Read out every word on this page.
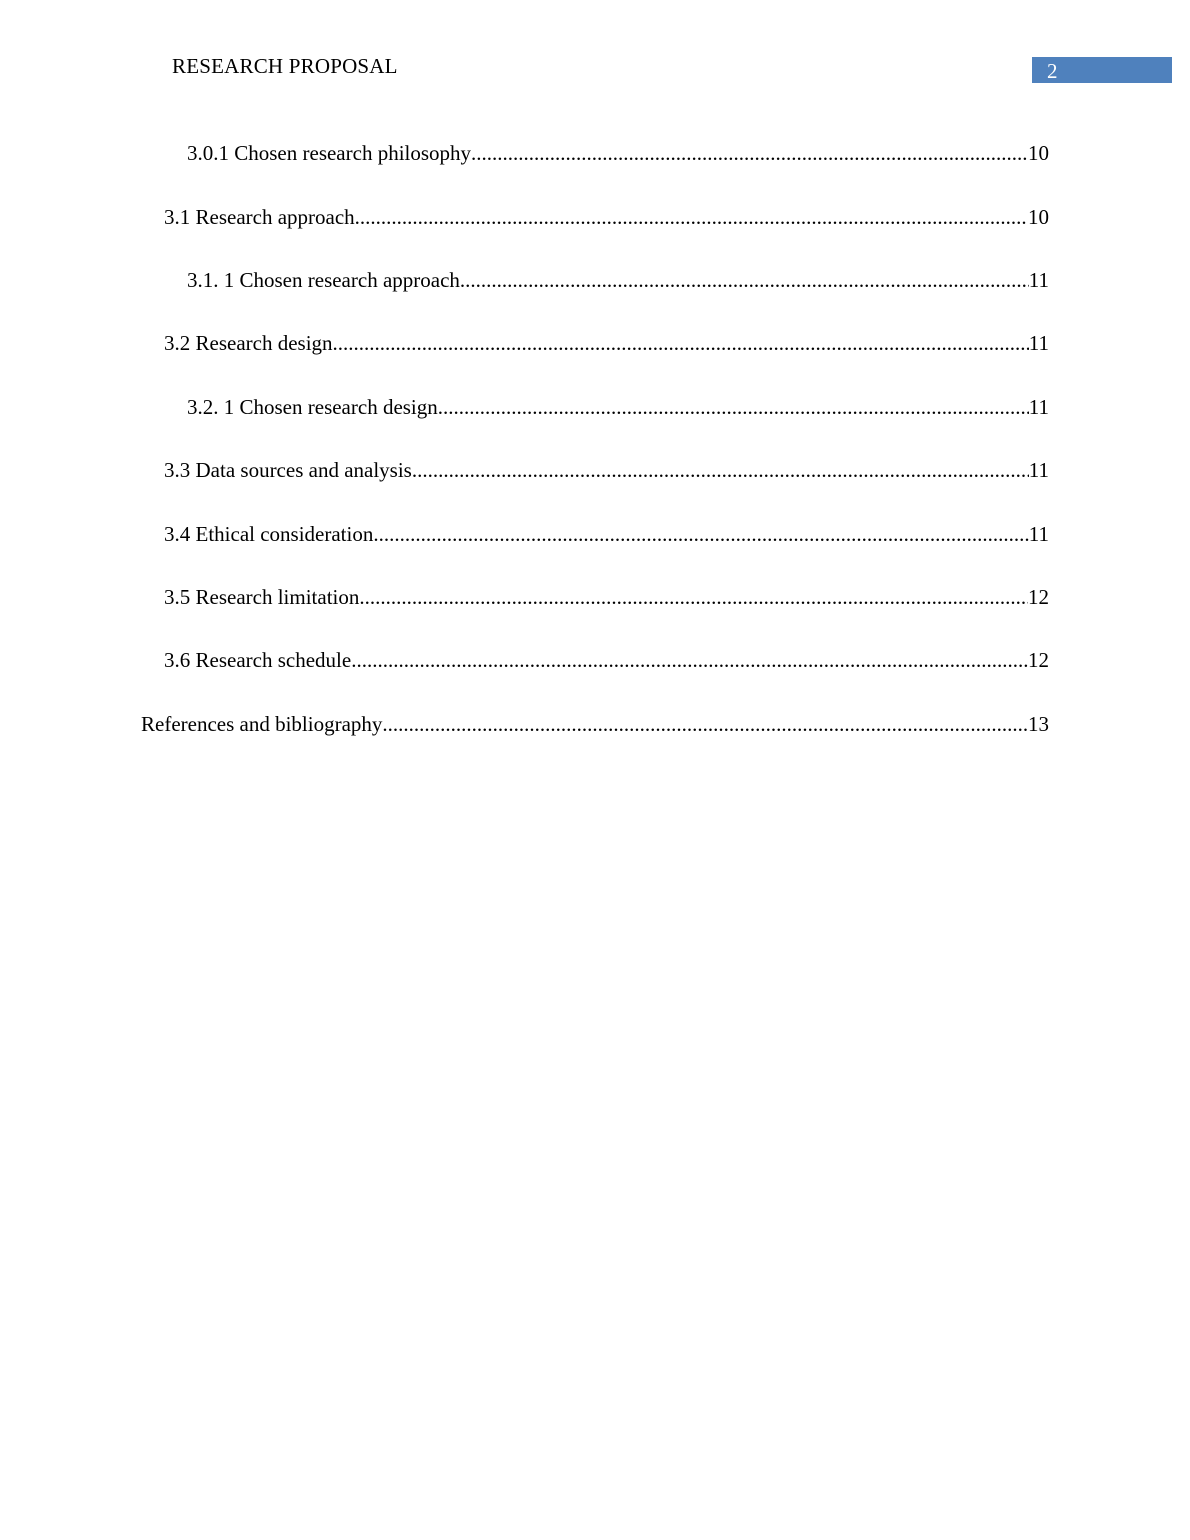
RESEARCH PROPOSAL	2
3.0.1 Chosen research philosophy .....	10
3.1 Research approach .....	10
3.1. 1 Chosen research approach .....	11
3.2 Research design .....	11
3.2. 1 Chosen research design .....	11
3.3 Data sources and analysis .....	11
3.4 Ethical consideration .....	11
3.5 Research limitation .....	12
3.6 Research schedule .....	12
References and bibliography .....	13
